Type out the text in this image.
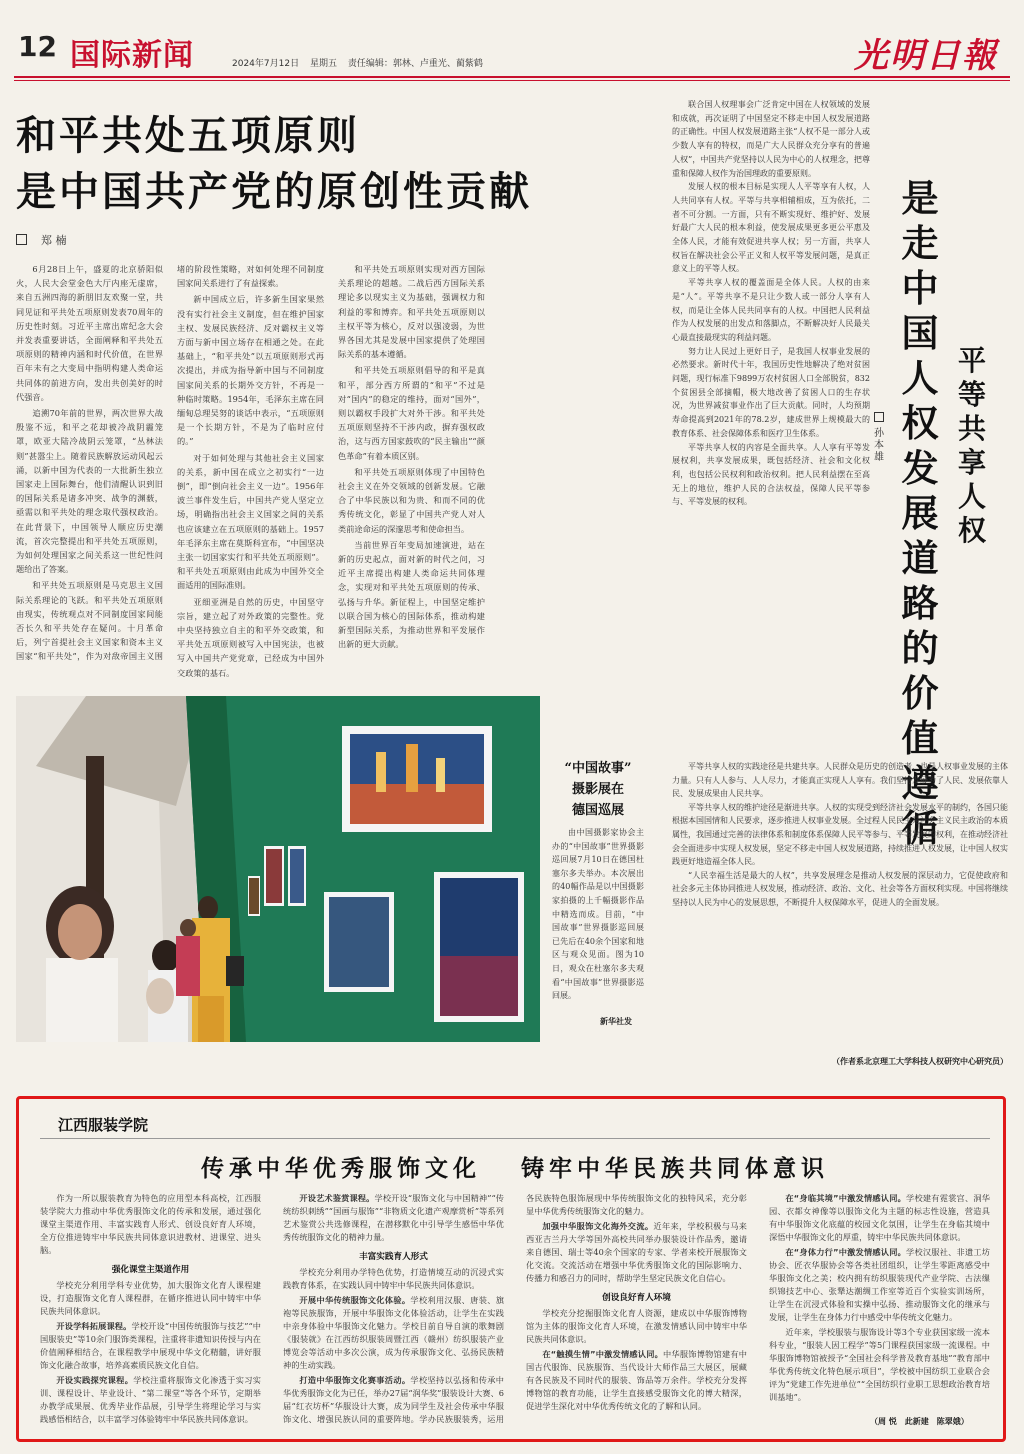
12 国际新闻	2024年7月12日 星期五 责任编辑：郭林、卢重光、蔺紫鹤	光明日報
和平共处五项原则
是中国共产党的原创性贡献
郑 楠

6月28日上午，盛夏的北京骄阳似火，人民大会堂金色大厅内座无虚席，来自五洲四海的新朋旧友欢聚一堂，共同见证和平共处五项原则发表70周年的历史性时刻。习近平主席出席纪念大会并发表重要讲话，全面阐释和平共处五项原则的精神内涵和时代价值，在世界百年未有之大变局中指明构建人类命运共同体的前进方向，发出共创美好的时代强音。

追溯70年前的世界，两次世界大战殷鉴不远，和平之花却被冷战阴霾笼罩，欧亚大陆冷战阴云笼罩，“丛林法则”甚嚣尘上。随着民族解放运动风起云涌，以新中国为代表的一大批新生独立国家走上国际舞台，他们清醒认识到旧的国际关系是诸多冲突、战争的渊薮，亟需以和平共处的理念取代强权政治。在此背景下，中国领导人顺应历史潮流，首次完整提出和平共处五项原则，为如何处理国家之间关系这一世纪性问题给出了答案。

和平共处五项原则是马克思主义国际关系理论的飞跃。和平共处五项原则由现实，传统观点对不同制度国家间能否长久和平共处存在疑问。十月革命后，列宁首提社会主义国家和资本主义国家“和平共处”，作为对敌帝国主义围堵的阶段性策略，对如何处理不同制度国家间关系进行了有益探索。

新中国成立后，许多新生国家果然没有实行社会主义制度，但在维护国家主权、发展民族经济、反对霸权主义等方面与新中国立场存在相通之处。在此基础上，“和平共处”以五项原则形式再次提出，并成为指导新中国与不同制度国家间关系的长期外交方针，不再是一种临时策略。1954年，毛泽东主席在同缅甸总理吴努的谈话中表示，“五项原则是一个长期方针，不是为了临时应付的。”

对于如何处理与其他社会主义国家的关系，新中国在成立之初实行“一边倒”，即“倒向社会主义一边”。1956年波兰事件发生后，中国共产党人坚定立场，明确指出社会主义国家之间的关系也应该建立在五项原则的基础上。1957年毛泽东主席在莫斯科宣布，“中国坚决主张一切国家实行和平共处五项原则”。和平共处五项原则由此成为中国外交全面适用的国际准则。

亚细亚洲是自然的历史，中国坚守宗旨，建立起了对外政策的完整性。党中央坚持独立自主的和平外交政策，和平共处五项原则被写入中国宪法，也被写入中国共产党党章，已经成为中国外交政策的基石。

和平共处五项原则实现对西方国际关系理论的超越。二战后西方国际关系理论多以现实主义为基础，强调权力和利益的零和博弈。和平共处五项原则以主权平等为核心，反对以强凌弱，为世界各国尤其是发展中国家提供了处理国际关系的基本遵循。

和平共处五项原则倡导的和平是真和平，部分西方所谓的“和平”不过是对“国内”的稳定的维持，面对“国外”，则以霸权手段扩大对外干涉。和平共处五项原则坚持不干涉内政，摒弃强权政治，这与西方国家鼓吹的“民主输出”“颜色革命”有着本质区别。

和平共处五项原则体现了中国特色社会主义在外交领域的创新发展。它融合了中华民族以和为贵、和而不同的优秀传统文化，彰显了中国共产党人对人类前途命运的深邃思考和使命担当。

当前世界百年变局加速演进，站在新的历史起点，面对新的时代之问，习近平主席提出构建人类命运共同体理念，实现对和平共处五项原则的传承、弘扬与升华。新征程上，中国坚定维护以联合国为核心的国际体系，推动构建新型国际关系，为推动世界和平发展作出新的更大贡献。

联合国人权理事会广泛肯定中国在人权领域的发展和成就，再次证明了中国坚定不移走中国人权发展道路的正确性。中国人权发展道路主张“人权不是一部分人或少数人享有的特权，而是广大人民群众充分享有的普遍人权”，中国共产党坚持以人民为中心的人权理念，把尊重和保障人权作为治国理政的重要原则。

发展人权的根本目标是实现人人平等享有人权，人人共同享有人权。平等与共享相辅相成，互为依托，二者不可分割。一方面，只有不断实现好、维护好、发展好最广大人民的根本利益，使发展成果更多更公平惠及全体人民，才能有效促进共享人权；另一方面，共享人权旨在解决社会公平正义和人权平等发展问题，是真正意义上的平等人权。

平等共享人权的覆盖面是全体人民。人权的由来是“人”。平等共享不是只让少数人或一部分人享有人权，而是让全体人民共同享有的人权。中国把人民利益作为人权发展的出发点和落脚点，不断解决好人民最关心最直接最现实的利益问题。

努力让人民过上更好日子，是我国人权事业发展的必然要求。新时代十年，我国历史性地解决了绝对贫困问题，现行标准下9899万农村贫困人口全部脱贫，832个贫困县全部摘帽，极大地改善了贫困人口的生存状况，为世界减贫事业作出了巨大贡献。同时，人均预期寿命提高到2021年的78.2岁，建成世界上规模最大的教育体系、社会保障体系和医疗卫生体系。

平等共享人权的内容是全面共享。人人享有平等发展权利，共享发展成果，既包括经济、社会和文化权利，也包括公民权利和政治权利。把人民利益摆在至高无上的地位，维护人民的合法权益，保障人民平等参与、平等发展的权利。

是走中国人权发展道路的价值遵循
平等共享人权
孙本雄

平等共享人权的实践途径是共建共享。人民群众是历史的创造者，也是人权事业发展的主体力量。只有人人参与、人人尽力，才能真正实现人人享有。我们坚持发展为了人民、发展依靠人民、发展成果由人民共享。

平等共享人权的维护途径是渐进共享。人权的实现受到经济社会发展水平的制约，各国只能根据本国国情和人民要求，逐步推进人权事业发展。全过程人民民主是社会主义民主政治的本质属性，我国通过完善的法律体系和制度体系保障人民平等参与、平等发展的权利，在推动经济社会全面进步中实现人权发展，坚定不移走中国人权发展道路，持续推进人权发展，让中国人权实践更好地造福全体人民。

“人民幸福生活是最大的人权”，共享发展理念是推动人权发展的深层动力，它促使政府和社会多元主体协同推进人权发展，推动经济、政治、文化、社会等各方面权利实现。中国将继续坚持以人民为中心的发展思想，不断提升人权保障水平，促进人的全面发展。

（作者系北京理工大学科技人权研究中心研究员）
“中国故事”
摄影展在
德国巡展
由中国摄影家协会主办的“中国故事”世界摄影巡回展7月10日在德国杜塞尔多夫举办。本次展出的40幅作品是以中国摄影家拍摄的上千幅摄影作品中精选而成。目前，“中国故事”世界摄影巡回展已先后在40余个国家和地区与观众见面。图为10日，观众在杜塞尔多夫观看“中国故事”世界摄影巡回展。
新华社发
江西服装学院
传承中华优秀服饰文化 铸牢中华民族共同体意识

作为一所以服装教育为特色的应用型本科高校，江西服装学院大力推动中华优秀服饰文化的传承和发展，通过强化课堂主渠道作用、丰富实践育人形式、创设良好育人环境，全方位推进铸牢中华民族共同体意识进教材、进课堂、进头脑。

强化课堂主渠道作用

学校充分利用学科专业优势，加大服饰文化育人课程建设，打造服饰文化育人课程群，在循序推进认同中铸牢中华民族共同体意识。

开设学科拓展课程。学校开设“中国传统服饰与技艺”“中国服装史”等10余门服饰类课程，注重将非遗知识传授与内在价值阐释相结合，在课程教学中展现中华文化精髓，讲好服饰文化融合故事，培养高素质民族文化自信。

开设实践探究课程。学校注重将服饰文化渗透于实习实训、课程设计、毕业设计、“第二课堂”等各个环节，定期举办教学成果展、优秀毕业作品展，引导学生将理论学习与实践感悟相结合，以丰富学习体验铸牢中华民族共同体意识。

开设艺术鉴赏课程。学校开设“服饰文化与中国精神”“传统纺织刺绣”“国画与服饰”“非物质文化遗产观摩赏析”等系列艺术鉴赏公共选修课程，在潜移默化中引导学生感悟中华优秀传统服饰文化的精神力量。

丰富实践育人形式

学校充分利用办学特色优势，打造情境互动的沉浸式实践教育体系，在实践认同中铸牢中华民族共同体意识。

开展中华传统服饰文化体验。学校利用汉服、唐装、旗袍等民族服饰，开展中华服饰文化体验活动，让学生在实践中亲身体验中华服饰文化魅力。学校目前自导自演的歌舞剧《服装就》在江西纺织服装周暨江西（赣州）纺织服装产业博览会等活动中多次公演，成为传承服饰文化、弘扬民族精神的生动实践。

打造中华服饰文化赛事活动。学校坚持以弘扬和传承中华优秀服饰文化为已任，举办27届“润华奖”服装设计大赛、6届“红衣坊杯”华服设计大赛，成为同学生及社会传承中华服饰文化、增强民族认同的重要阵地。学办民族服装秀，运用各民族特色服饰展现中华传统服饰文化的独特风采，充分彰显中华优秀传统服饰文化的魅力。

加强中华服饰文化海外交流。近年来，学校积极与马来西亚吉兰丹大学等国外高校共同举办服装设计作品秀，邀请来自德国、瑞士等40余个国家的专家、学者来校开展服饰文化交流。交流活动在增强中华优秀服饰文化的国际影响力、传播力和感召力的同时，帮助学生坚定民族文化自信心。

创设良好育人环境

学校充分挖掘服饰文化育人资源，建成以中华服饰博物馆为主体的服饰文化育人环境，在激发情感认同中铸牢中华民族共同体意识。

在“触摸生情”中激发情感认同。中华服饰博物馆建有中国古代服饰、民族服饰、当代设计大师作品三大展区，展藏有各民族及不同时代的服装、饰品等万余件。学校充分发挥博物馆的教育功能，让学生直接感受服饰文化的博大精深，促进学生深化对中华优秀传统文化的了解和认同。

在“身临其境”中激发情感认同。学校建有霓裳宫、洞华园、衣都女神像等以服饰文化为主题的标志性设施，营造具有中华服饰文化底蕴的校园文化氛围，让学生在身临其境中深悟中华服饰文化的厚重，铸牢中华民族共同体意识。

在“身体力行”中激发情感认同。学校汉服社、非遗工坊协会、匠衣华服协会等各类社团组织，让学生零距离感受中华服饰文化之美；校内拥有纺织服装现代产业学院、古法缫织锦技艺中心、张犟达潮绸工作室等近百个实验实训场所，让学生在沉浸式体验和实操中弘扬、推动服饰文化的继承与发展，让学生在身体力行中感受中华传统文化魅力。

近年来，学校服装与服饰设计等3个专业获国家级一流本科专业，“服装人因工程学”等5门课程获国家级一流课程。中华服饰博物馆被授予“全国社会科学普及教育基地”“教育部中华优秀传统文化特色展示项目”，学校被中国纺织工业联合会评为“党建工作先进单位”“全国纺织行业职工思想政治教育培训基地”。

（周 悦　此新建　陈翠娥）
